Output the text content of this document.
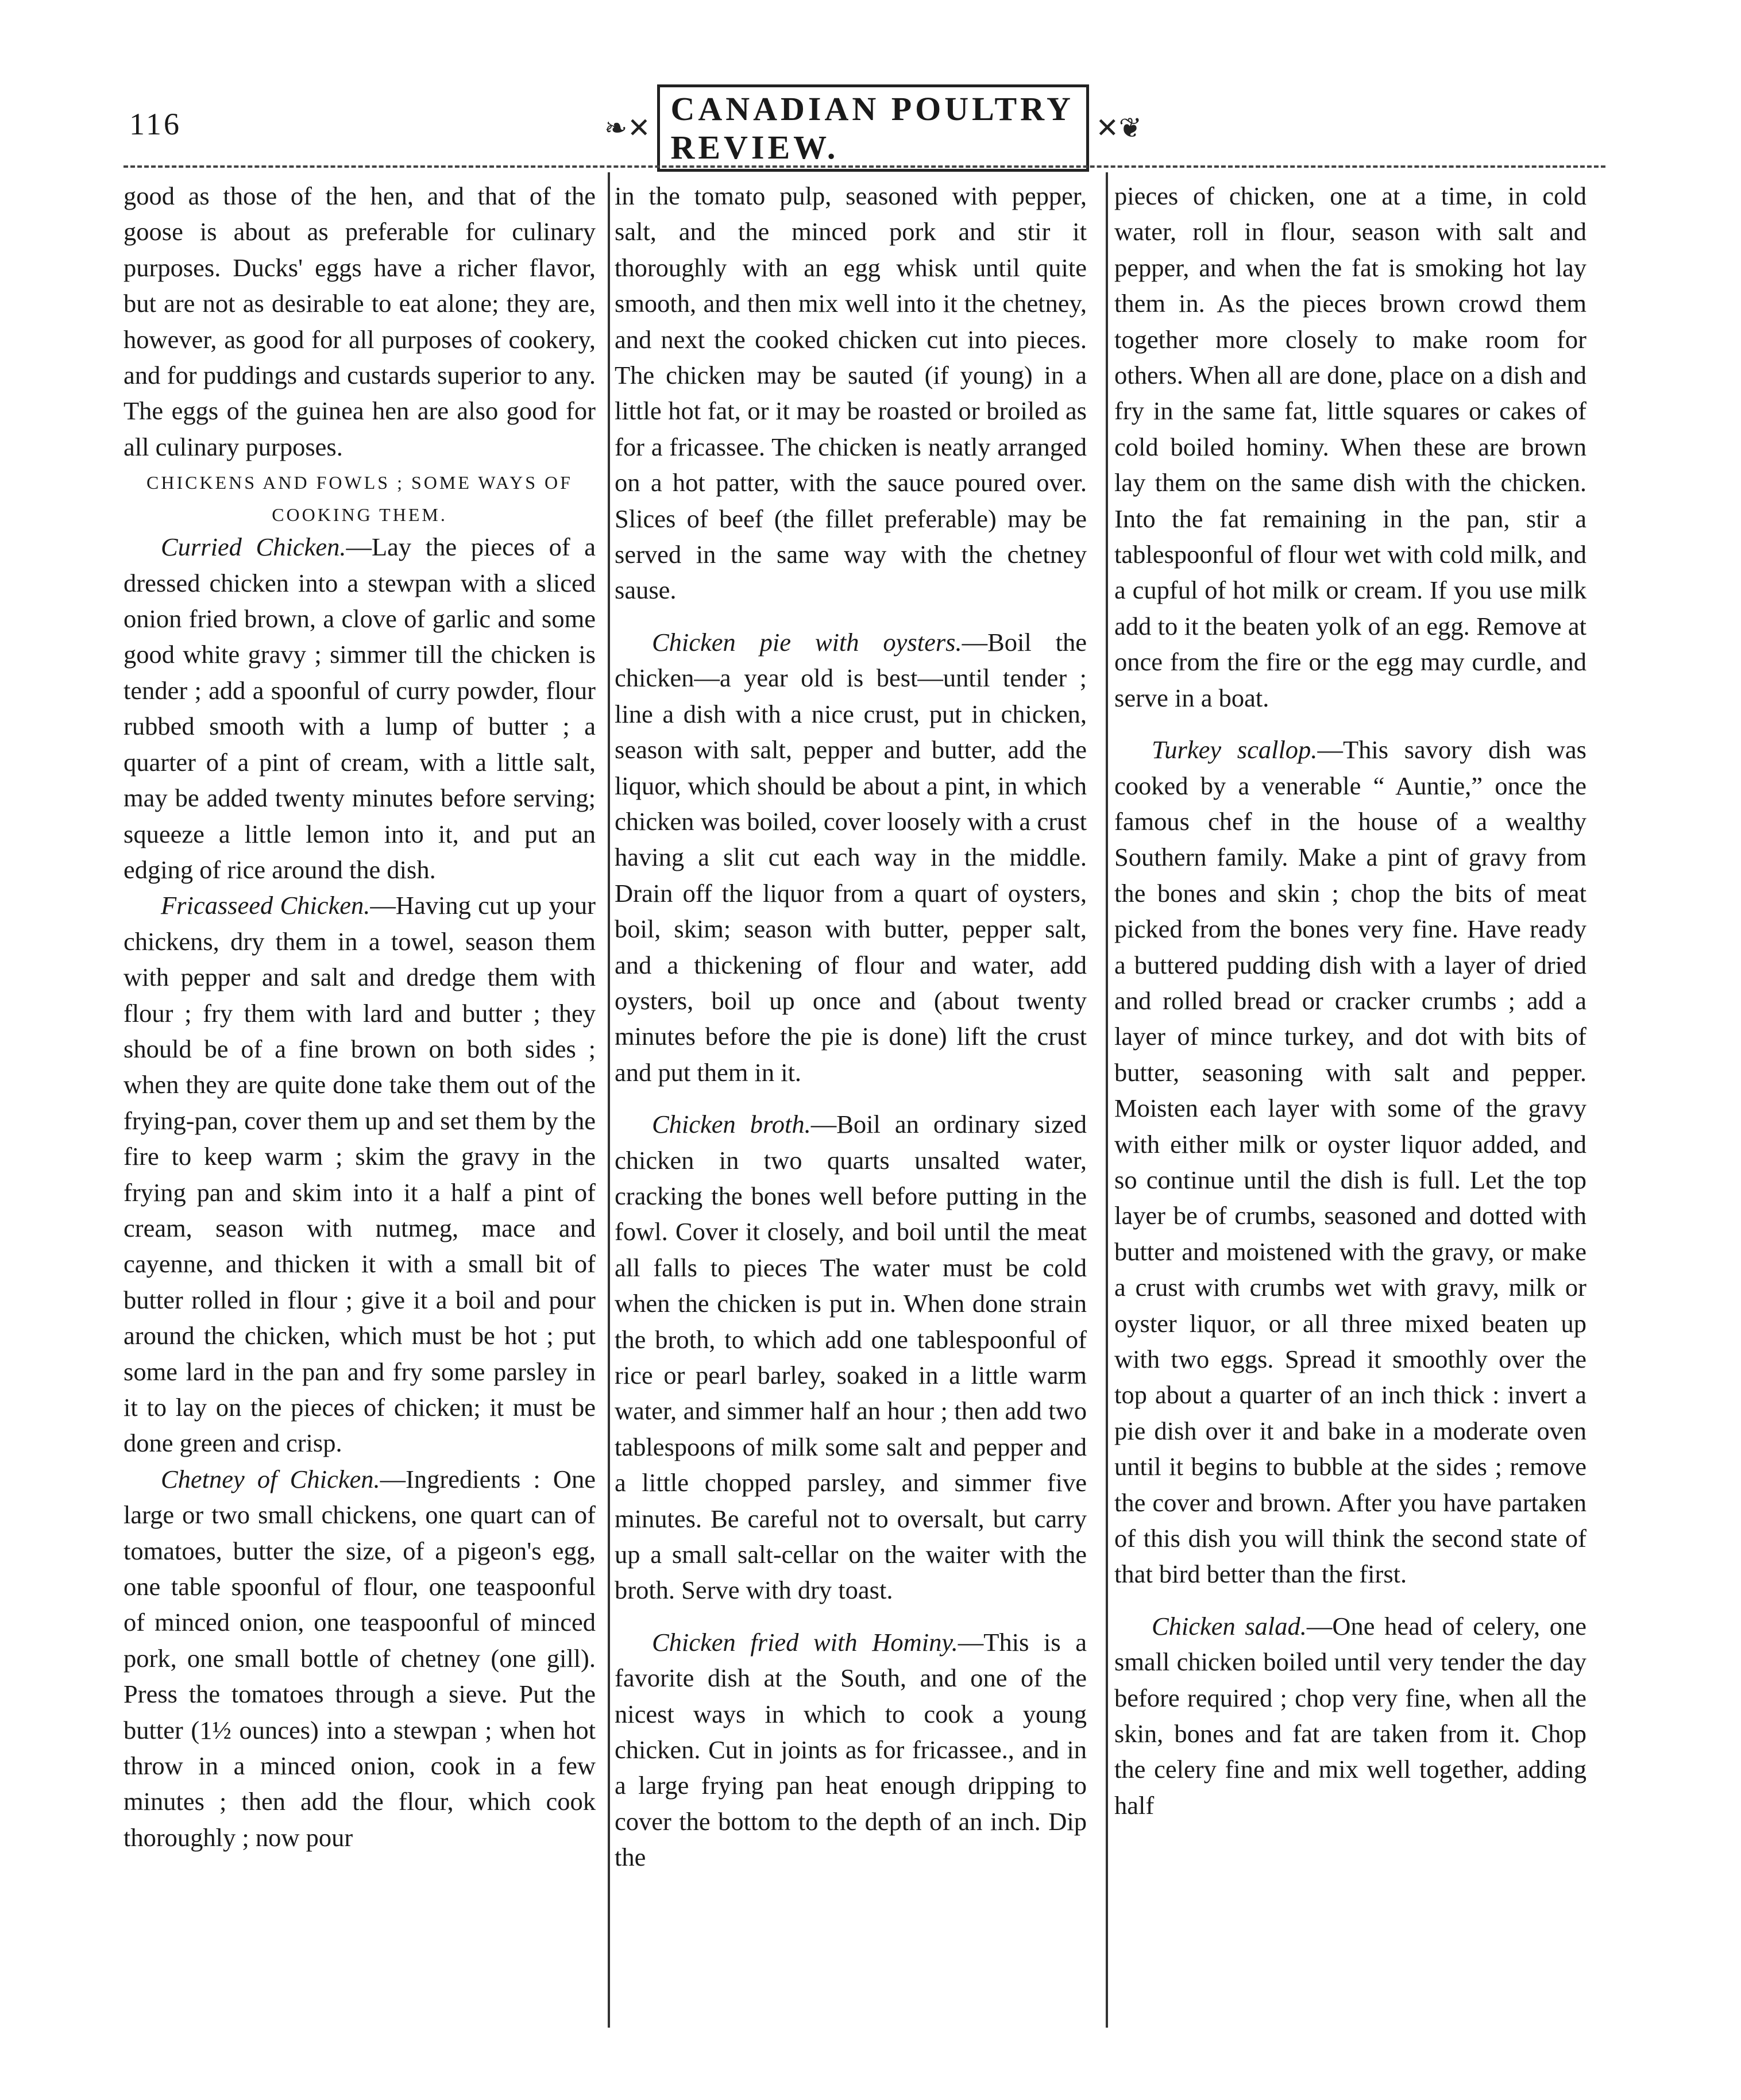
116	❧✕
CANADIAN POULTRY REVIEW.
✕❦

good as those of the hen, and that of the goose is about as preferable for culinary purposes. Ducks' eggs have a richer flavor, but are not as desirable to eat alone; they are, however, as good for all purposes of cookery, and for puddings and custards superior to any. The eggs of the guinea hen are also good for all culinary purposes.

CHICKENS AND FOWLS ; SOME WAYS OF

COOKING THEM.

Curried Chicken.—Lay the pieces of a dressed chicken into a stewpan with a sliced onion fried brown, a clove of garlic and some good white gravy ; simmer till the chicken is tender ; add a spoonful of curry powder, flour rubbed smooth with a lump of butter ; a quarter of a pint of cream, with a little salt, may be added twenty minutes before serving; squeeze a little lemon into it, and put an edging of rice around the dish.

Fricasseed Chicken.—Having cut up your chickens, dry them in a towel, season them with pepper and salt and dredge them with flour ; fry them with lard and butter ; they should be of a fine brown on both sides ; when they are quite done take them out of the frying-pan, cover them up and set them by the fire to keep warm ; skim the gravy in the frying pan and skim into it a half a pint of cream, season with nutmeg, mace and cayenne, and thicken it with a small bit of butter rolled in flour ; give it a boil and pour around the chicken, which must be hot ; put some lard in the pan and fry some parsley in it to lay on the pieces of chicken; it must be done green and crisp.

Chetney of Chicken.—Ingredients : One large or two small chickens, one quart can of tomatoes, butter the size, of a pigeon's egg, one table spoonful of flour, one teaspoonful of minced onion, one teaspoonful of minced pork, one small bottle of chetney (one gill). Press the tomatoes through a sieve. Put the butter (1½ ounces) into a stewpan ; when hot throw in a minced onion, cook in a few minutes ; then add the flour, which cook thoroughly ; now pour

in the tomato pulp, seasoned with pepper, salt, and the minced pork and stir it thoroughly with an egg whisk until quite smooth, and then mix well into it the chetney, and next the cooked chicken cut into pieces. The chicken may be sauted (if young) in a little hot fat, or it may be roasted or broiled as for a fricassee. The chicken is neatly arranged on a hot patter, with the sauce poured over. Slices of beef (the fillet preferable) may be served in the same way with the chetney sause.

Chicken pie with oysters.—Boil the chicken—a year old is best—until tender ; line a dish with a nice crust, put in chicken, season with salt, pepper and butter, add the liquor, which should be about a pint, in which chicken was boiled, cover loosely with a crust having a slit cut each way in the middle. Drain off the liquor from a quart of oysters, boil, skim; season with butter, pepper salt, and a thickening of flour and water, add oysters, boil up once and (about twenty minutes before the pie is done) lift the crust and put them in it.

Chicken broth.—Boil an ordinary sized chicken in two quarts unsalted water, cracking the bones well before putting in the fowl. Cover it closely, and boil until the meat all falls to pieces The water must be cold when the chicken is put in. When done strain the broth, to which add one tablespoonful of rice or pearl barley, soaked in a little warm water, and simmer half an hour ; then add two tablespoons of milk some salt and pepper and a little chopped parsley, and simmer five minutes. Be careful not to oversalt, but carry up a small salt-cellar on the waiter with the broth. Serve with dry toast.

Chicken fried with Hominy.—This is a favorite dish at the South, and one of the nicest ways in which to cook a young chicken. Cut in joints as for fricassee., and in a large frying pan heat enough dripping to cover the bottom to the depth of an inch. Dip the

pieces of chicken, one at a time, in cold water, roll in flour, season with salt and pepper, and when the fat is smoking hot lay them in. As the pieces brown crowd them together more closely to make room for others. When all are done, place on a dish and fry in the same fat, little squares or cakes of cold boiled hominy. When these are brown lay them on the same dish with the chicken. Into the fat remaining in the pan, stir a tablespoonful of flour wet with cold milk, and a cupful of hot milk or cream. If you use milk add to it the beaten yolk of an egg. Remove at once from the fire or the egg may curdle, and serve in a boat.

Turkey scallop.—This savory dish was cooked by a venerable “ Auntie,” once the famous chef in the house of a wealthy Southern family. Make a pint of gravy from the bones and skin ; chop the bits of meat picked from the bones very fine. Have ready a buttered pudding dish with a layer of dried and rolled bread or cracker crumbs ; add a layer of mince turkey, and dot with bits of butter, seasoning with salt and pepper. Moisten each layer with some of the gravy with either milk or oyster liquor added, and so continue until the dish is full. Let the top layer be of crumbs, seasoned and dotted with butter and moistened with the gravy, or make a crust with crumbs wet with gravy, milk or oyster liquor, or all three mixed beaten up with two eggs. Spread it smoothly over the top about a quarter of an inch thick : invert a pie dish over it and bake in a moderate oven until it begins to bubble at the sides ; remove the cover and brown. After you have partaken of this dish you will think the second state of that bird better than the first.

Chicken salad.—One head of celery, one small chicken boiled until very tender the day before required ; chop very fine, when all the skin, bones and fat are taken from it. Chop the celery fine and mix well together, adding half
